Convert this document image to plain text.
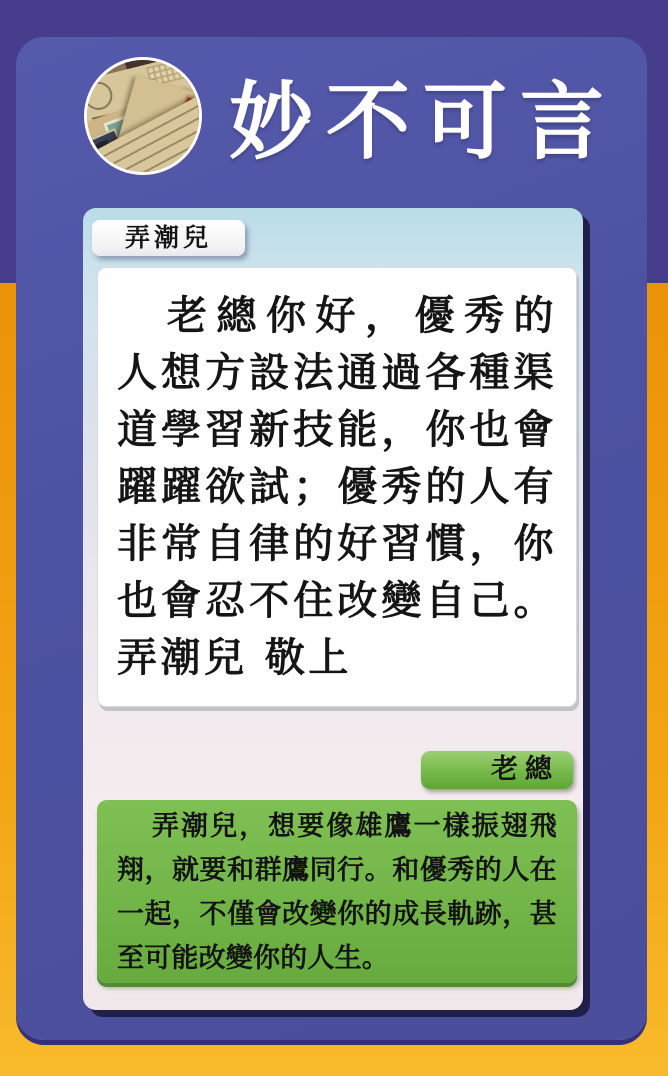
妙不可言
弄潮兒

老總你好，優秀的人想方設法通過各種渠道學習新技能，你也會躍躍欲試；優秀的人有非常自律的好習慣，你也會忍不住改變自己。弄潮兒 敬上

老總

弄潮兒，想要像雄鷹一樣振翅飛翔，就要和群鷹同行。和優秀的人在一起，不僅會改變你的成長軌跡，甚至可能改變你的人生。
